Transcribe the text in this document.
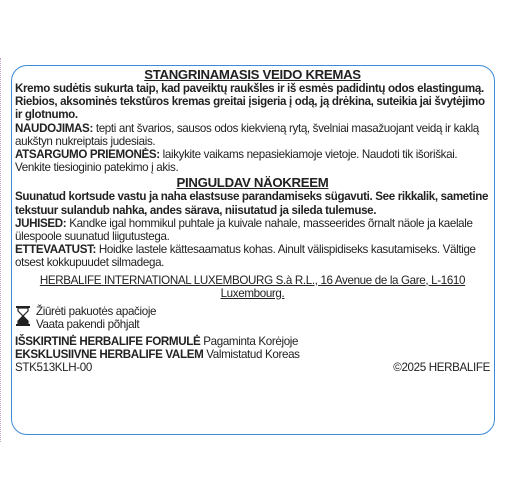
STANGRINAMASIS VEIDO KREMAS

Kremo sudėtis sukurta taip, kad paveiktų raukšles ir iš esmės padidintų odos elastingumą. Riebios, aksominės tekstūros kremas greitai įsigeria į odą, ją drėkina, suteikia jai švytėjimo ir glotnumo.

NAUDOJIMAS: tepti ant švarios, sausos odos kiekvieną rytą, švelniai masažuojant veidą ir kaklą aukštyn nukreiptais judesiais.

ATSARGUMO PRIEMONĖS: laikykite vaikams nepasiekiamoje vietoje. Naudoti tik išoriškai. Venkite tiesioginio patekimo į akis.

PINGULDAV NÄOKREEM

Suunatud kortsude vastu ja naha elastsuse parandamiseks sügavuti. See rikkalik, sametine tekstuur sulandub nahka, andes särava, niisutatud ja sileda tulemuse.

JUHISED: Kandke igal hommikul puhtale ja kuivale nahale, masseerides õrnalt näole ja kaelale ülespoole suunatud liigutustega.

ETTEVAATUST: Hoidke lastele kättesaamatus kohas. Ainult välispidiseks kasutamiseks. Vältige otsest kokkupuudet silmadega.

HERBALIFE INTERNATIONAL LUXEMBOURG S.à R.L., 16 Avenue de la Gare, L-1610 Luxembourg.

Žiūrėti pakuotės apačioje

Vaata pakendi põhjalt

IŠSKIRTINĖ HERBALIFE FORMULĖ Pagaminta Korėjoje

EKSKLUSIIVNE HERBALIFE VALEM Valmistatud Koreas

STK513KLH-00	©2025 HERBALIFE
